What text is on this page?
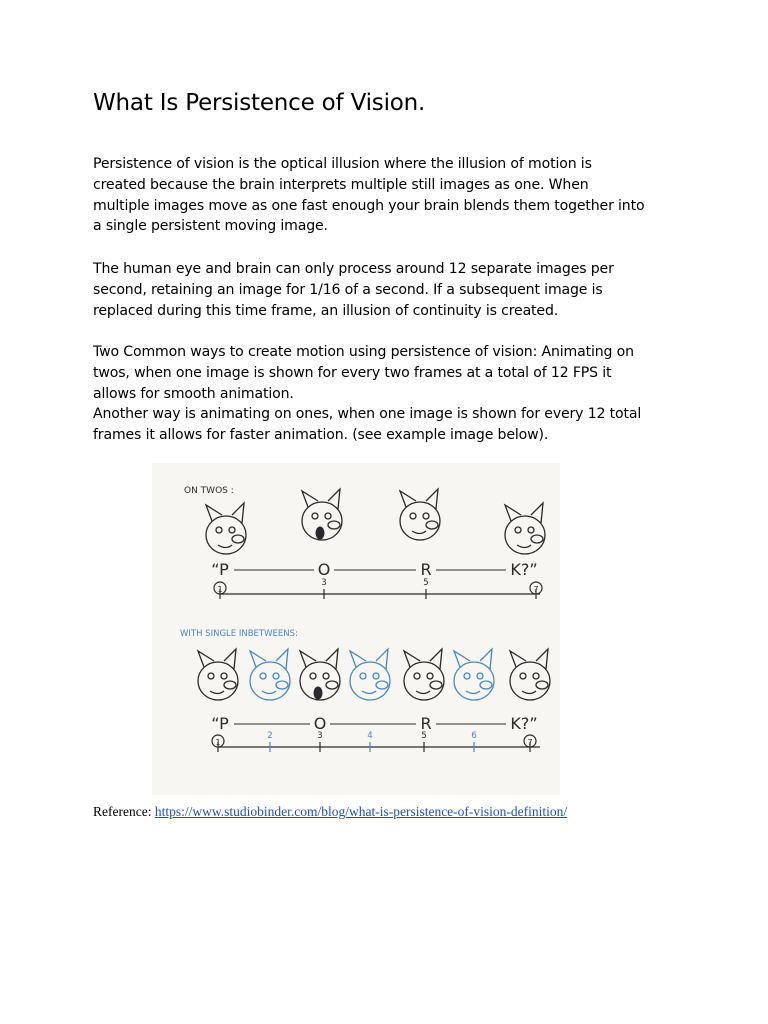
What Is Persistence of Vision.

Persistence of vision is the optical illusion where the illusion of motion is
created because the brain interprets multiple still images as one. When
multiple images move as one fast enough your brain blends them together into
a single persistent moving image.

The human eye and brain can only process around 12 separate images per
second, retaining an image for 1/16 of a second. If a subsequent image is
replaced during this time frame, an illusion of continuity is created.

Two Common ways to create motion using persistence of vision: Animating on
twos, when one image is shown for every two frames at a total of 12 FPS it
allows for smooth animation.

Another way is animating on ones, when one image is shown for every 12 total
frames it allows for faster animation. (see example image below).

ON TWOS :
“P	O	R	K?”
1
3	5
7
WITH SINGLE INBETWEENS:
“P	O	R	K?”
1
2	3	4	5	6
7
Reference: https://www.studiobinder.com/blog/what-is-persistence-of-vision-definition/
